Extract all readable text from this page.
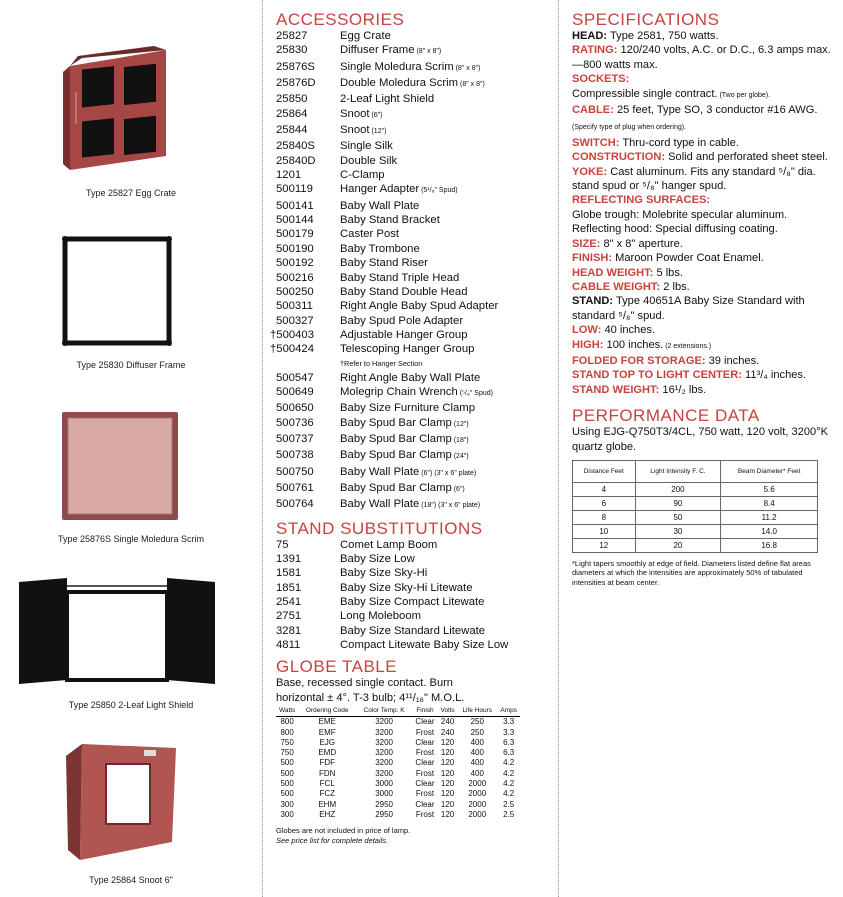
Type 25827 Egg Crate
Type 25830 Diffuser Frame
Type 25876S Single Moledura Scrim
Type 25850 2-Leaf Light Shield
Type 25864 Snoot 6"
ACCESSORIES
25827	Egg Crate
25830	Diffuser Frame (8" x 8")
25876S	Single Moledura Scrim (8" x 8")
25876D	Double Moledura Scrim (8" x 8")
25850	2-Leaf Light Shield
25864	Snoot (6")
25844	Snoot (12")
25840S	Single Silk
25840D	Double Silk
1201	C-Clamp
500119	Hanger Adapter (5¹/₈" Spud)
500141	Baby Wall Plate
500144	Baby Stand Bracket
500179	Caster Post
500190	Baby Trombone
500192	Baby Stand Riser
500216	Baby Stand Triple Head
500250	Baby Stand Double Head
500311	Right Angle Baby Spud Adapter
500327	Baby Spud Pole Adapter
†500403	Adjustable Hanger Group
†500424	Telescoping Hanger Group
†Refer to Hanger Section
500547	Right Angle Baby Wall Plate
500649	Molegrip Chain Wrench (⁵/₈" Spud)
500650	Baby Size Furniture Clamp
500736	Baby Spud Bar Clamp (12")
500737	Baby Spud Bar Clamp (18")
500738	Baby Spud Bar Clamp (24")
500750	Baby Wall Plate (6") (3" x 6" plate)
500761	Baby Spud Bar Clamp (6")
500764	Baby Wall Plate (18") (3" x 6" plate)
STAND SUBSTITUTIONS
75	Comet Lamp Boom
1391	Baby Size Low
1581	Baby Size Sky-Hi
1851	Baby Size Sky-Hi Litewate
2541	Baby Size Compact Litewate
2751	Long Moleboom
3281	Baby Size Standard Litewate
4811	Compact Litewate Baby Size Low
GLOBE TABLE
Base, recessed single contact. Burn horizontal ± 4°. T-3 bulb; 4¹¹/₁₆" M.O.L.
Watts	Ordering Code	Color Temp. K	Finish	Volts	Life Hours	Amps
800	EME	3200	Clear	240	250	3.3
800	EMF	3200	Frost	240	250	3.3
750	EJG	3200	Clear	120	400	6.3
750	EMD	3200	Frost	120	400	6.3
500	FDF	3200	Clear	120	400	4.2
500	FDN	3200	Frost	120	400	4.2
500	FCL	3000	Clear	120	2000	4.2
500	FCZ	3000	Frost	120	2000	4.2
300	EHM	2950	Clear	120	2000	2.5
300	EHZ	2950	Frost	120	2000	2.5
Globes are not included in price of lamp.
See price list for complete details.
SPECIFICATIONS
HEAD: Type 2581, 750 watts.
RATING: 120/240 volts, A.C. or D.C., 6.3 amps max.—800 watts max.
SOCKETS:
Compressible single contract. (Two per globe).
CABLE: 25 feet, Type SO, 3 conductor #16 AWG. (Specify type of plug when ordering).
SWITCH: Thru-cord type in cable.
CONSTRUCTION: Solid and perforated sheet steel.
YOKE: Cast aluminum. Fits any standard ⁵/₈" dia. stand spud or ⁵/₈" hanger spud.
REFLECTING SURFACES:
Globe trough: Molebrite specular aluminum. Reflecting hood: Special diffusing coating.
SIZE: 8" x 8" aperture.
FINISH: Maroon Powder Coat Enamel.
HEAD WEIGHT: 5 lbs.
CABLE WEIGHT: 2 lbs.
STAND: Type 40651A Baby Size Standard with standard ⁵/₈" spud.
LOW: 40 inches.
HIGH: 100 inches. (2 extensions.)
FOLDED FOR STORAGE: 39 inches.
STAND TOP TO LIGHT CENTER: 11³/₄ inches.
STAND WEIGHT: 16¹/₂ lbs.
PERFORMANCE DATA
Using EJG-Q750T3/4CL, 750 watt, 120 volt, 3200°K quartz globe.
Distance Feet	Light Intensity F. C.	Beam Diameter* Feet
4	200	5.6
6	90	8.4
8	50	11.2
10	30	14.0
12	20	16.8
*Light tapers smoothly at edge of field. Diameters listed define flat areas diameters at which the intensities are approximately 50% of tabulated intensities at beam center.
